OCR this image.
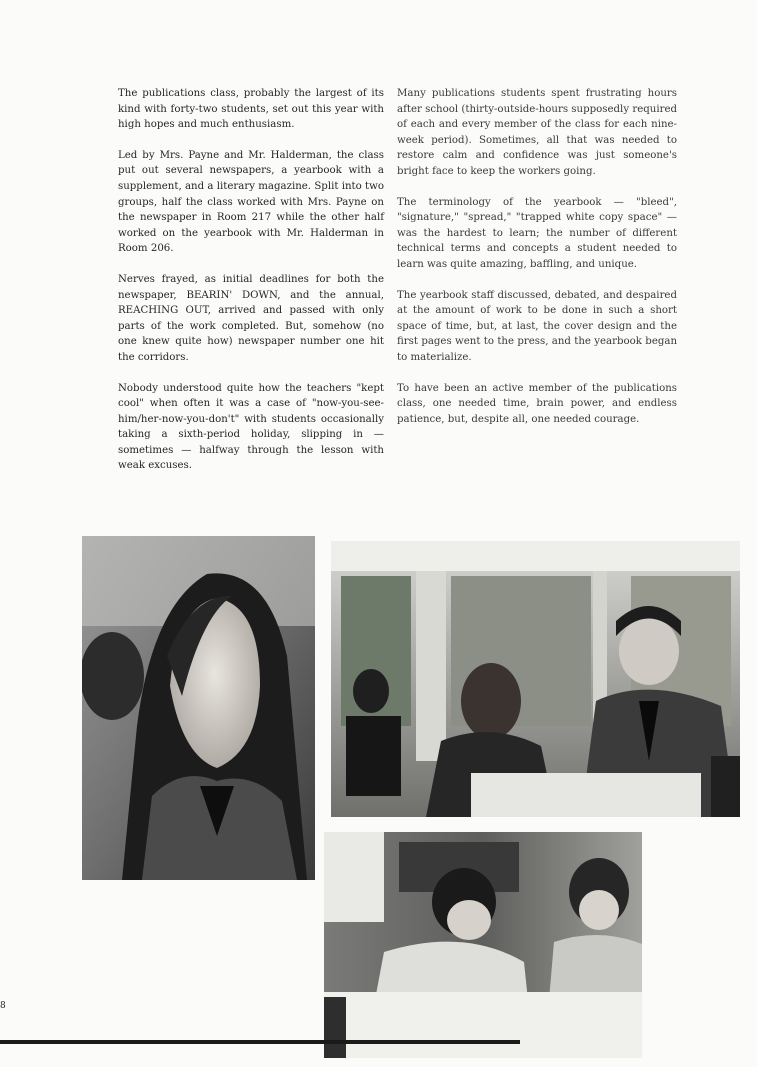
The publications class, probably the largest of its kind with forty-two students, set out this year with high hopes and much enthusiasm.

Led by Mrs. Payne and Mr. Halderman, the class put out several newspapers, a yearbook with a supplement, and a literary magazine. Split into two groups, half the class worked with Mrs. Payne on the newspaper in Room 217 while the other half worked on the yearbook with Mr. Halderman in Room 206.

Nerves frayed, as initial deadlines for both the newspaper, BEARIN' DOWN, and the annual, REACHING OUT, arrived and passed with only parts of the work completed. But, somehow (no one knew quite how) newspaper number one hit the corridors.

Nobody understood quite how the teachers "kept cool" when often it was a case of "now-you-see-him/her-now-you-don't" with students occasionally taking a sixth-period holiday, slipping in — sometimes — halfway through the lesson with weak excuses.

Many publications students spent frustrating hours after school (thirty-outside-hours supposedly required of each and every member of the class for each nine-week period). Sometimes, all that was needed to restore calm and confidence was just someone's bright face to keep the workers going.

The terminology of the yearbook — "bleed", "signature," "spread," "trapped white copy space" — was the hardest to learn; the number of different technical terms and concepts a student needed to learn was quite amazing, baffling, and unique.

The yearbook staff discussed, debated, and despaired at the amount of work to be done in such a short space of time, but, at last, the cover design and the first pages went to the press, and the yearbook began to materialize.

To have been an active member of the publications class, one needed time, brain power, and endless patience, but, despite all, one needed courage.

8
